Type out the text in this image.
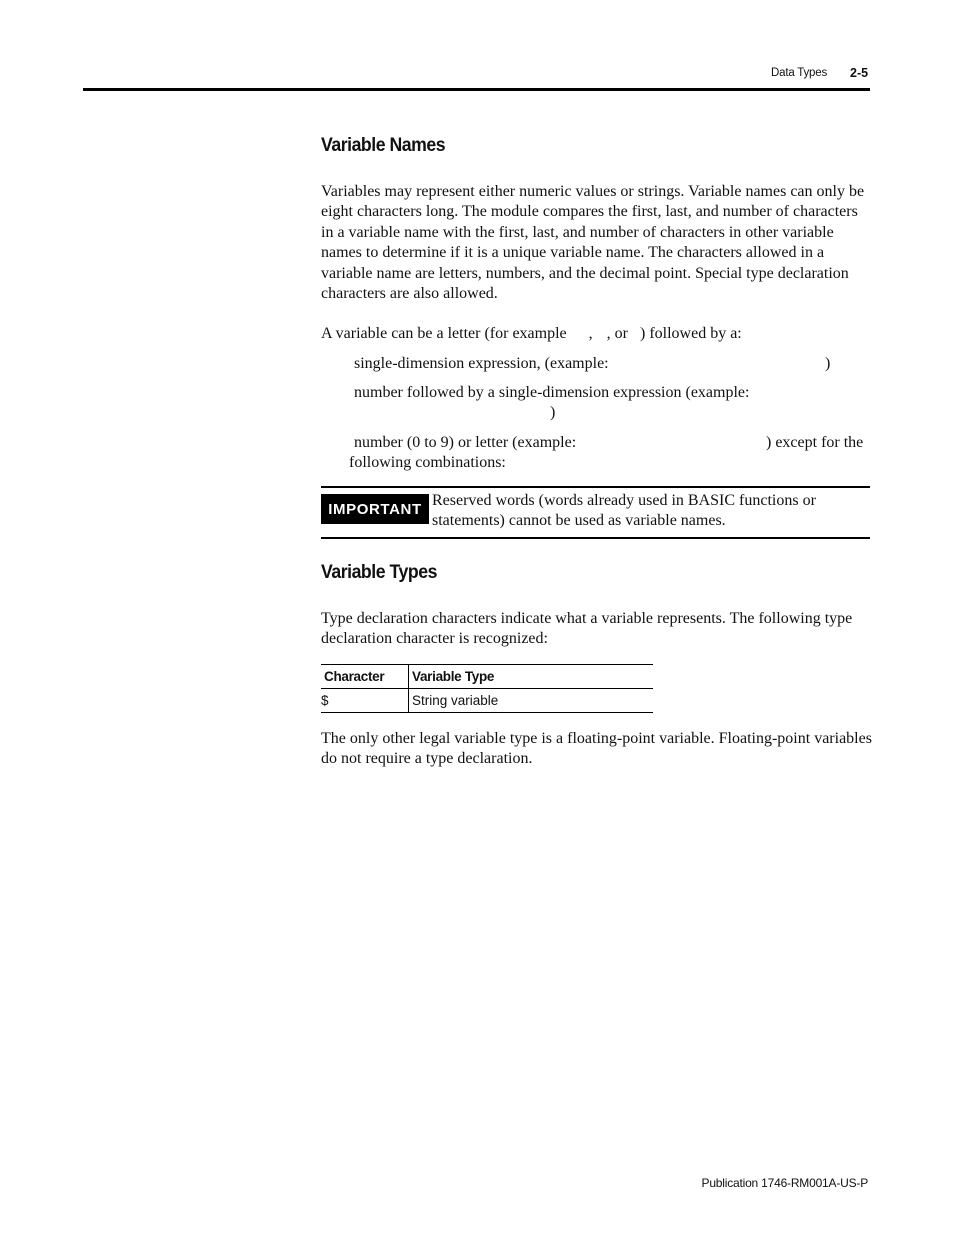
Data Types 2-5
Variable Names

Variables may represent either numeric values or strings. Variable names can only be eight characters long. The module compares the first, last, and number of characters in a variable name with the first, last, and number of characters in other variable names to determine if it is a unique variable name. The characters allowed in a variable name are letters, numbers, and the decimal point. Special type declaration characters are also allowed.

A variable can be a letter (for example , , or ) followed by a:
single-dimension expression, (example:	)
number followed by a single-dimension expression (example:
)
number (0 to 9) or letter (example:	) except for the
following combinations:
IMPORTANT Reserved words (words already used in BASIC functions or

statements) cannot be used as variable names.

Variable Types

Type declaration characters indicate what a variable represents. The following type declaration character is recognized:

Character	Variable Type
$	String variable

The only other legal variable type is a floating-point variable. Floating-point variables do not require a type declaration.

Publication 1746-RM001A-US-P
